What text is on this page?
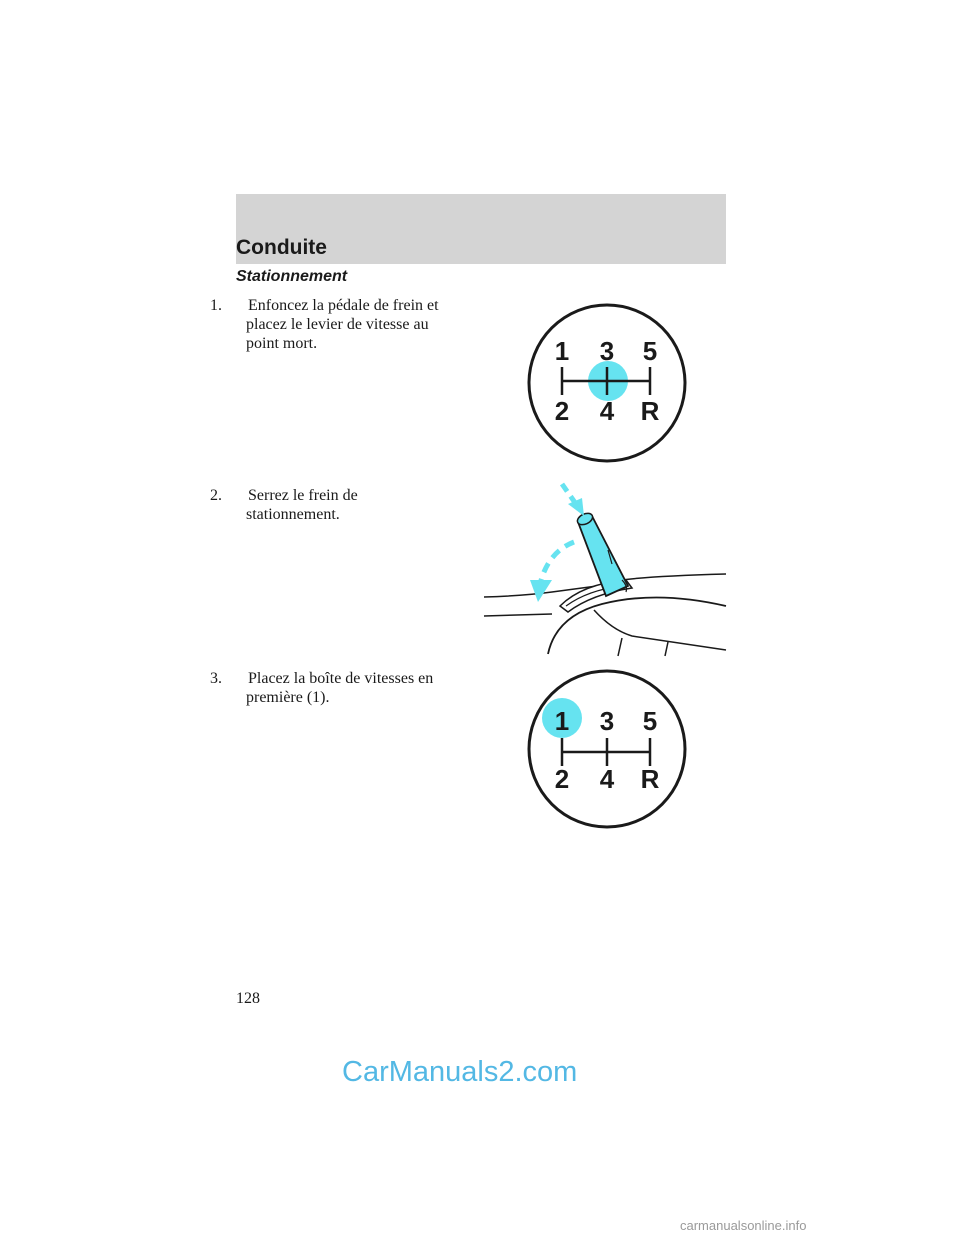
Conduite
Stationnement
1. Enfoncez la pédale de frein et
placez le levier de vitesse au
point mort.
2. Serrez le frein de
stationnement.
3. Placez la boîte de vitesses en
première (1).
1 3 5
2 4 R
1 3 5
2 4 R
128
CarManuals2.com
carmanualsonline.info
